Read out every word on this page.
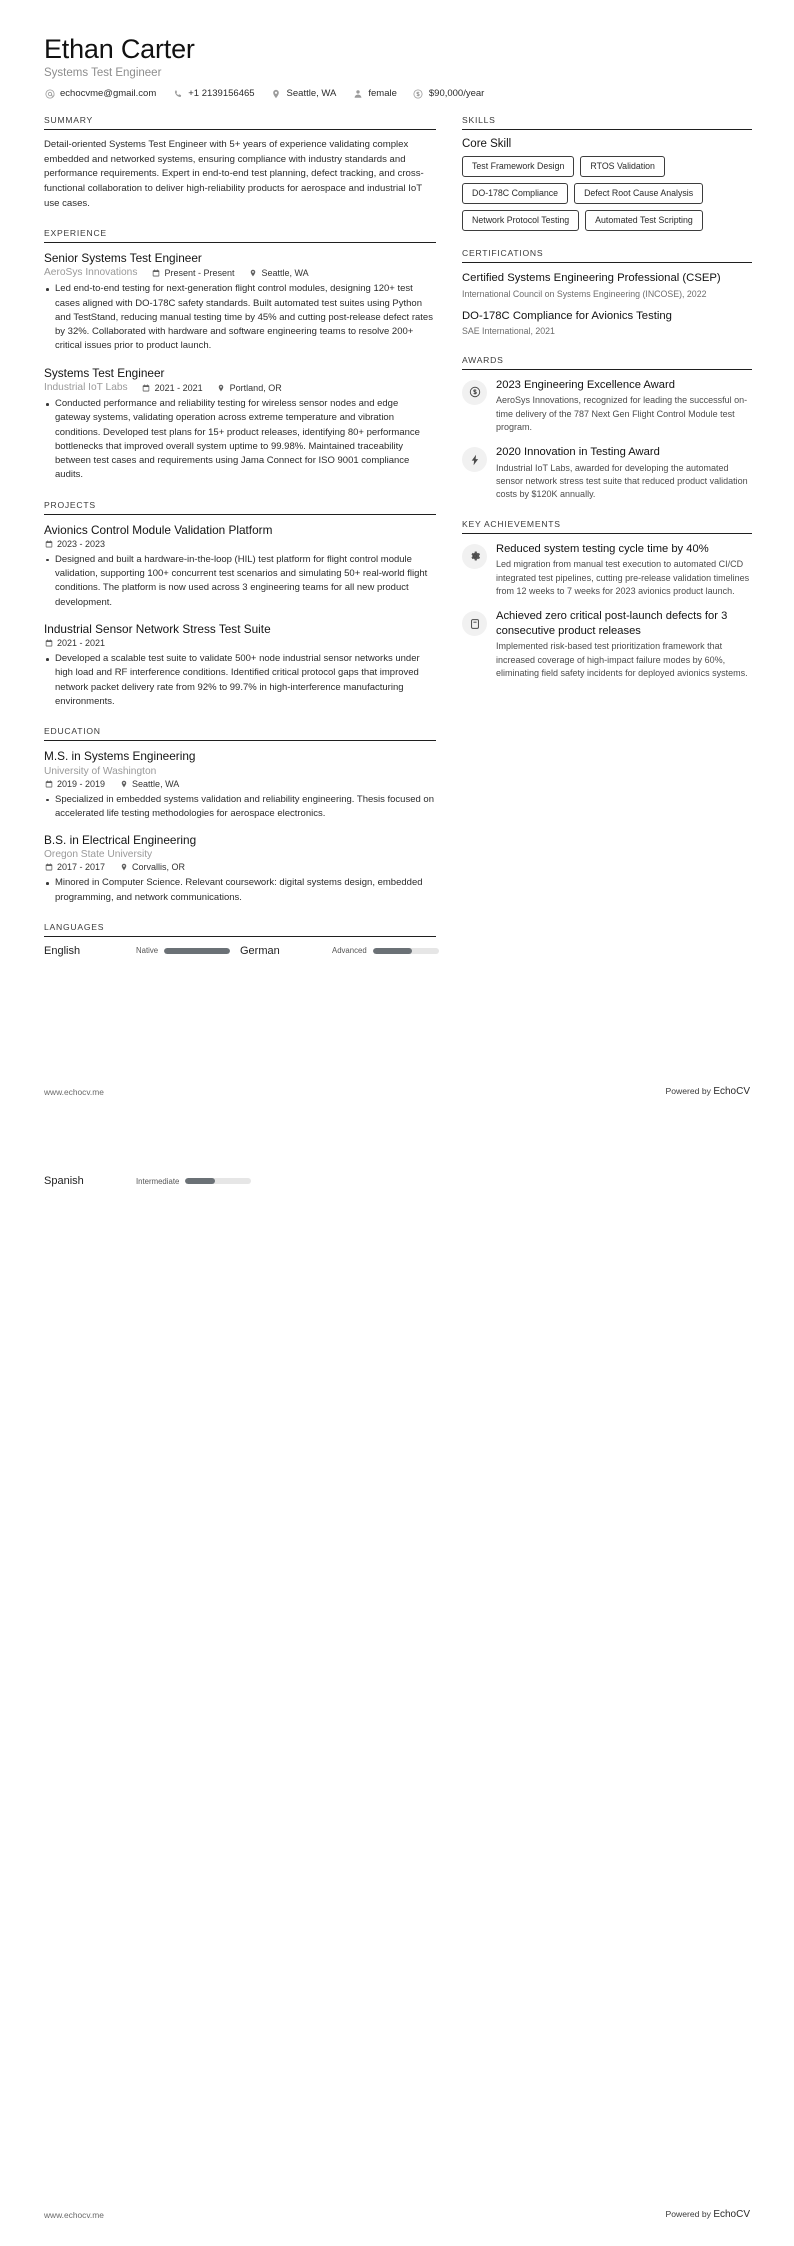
Ethan Carter
Systems Test Engineer
echocvme@gmail.com	+1 2139156465	Seattle, WA	female	$90,000/year
SUMMARY
Detail-oriented Systems Test Engineer with 5+ years of experience validating complex embedded and networked systems, ensuring compliance with industry standards and performance requirements. Expert in end-to-end test planning, defect tracking, and cross-functional collaboration to deliver high-reliability products for aerospace and industrial IoT use cases.
EXPERIENCE
Senior Systems Test Engineer
AeroSys Innovations	Present - Present	Seattle, WA
Led end-to-end testing for next-generation flight control modules, designing 120+ test cases aligned with DO-178C safety standards. Built automated test suites using Python and TestStand, reducing manual testing time by 45% and cutting post-release defect rates by 32%. Collaborated with hardware and software engineering teams to resolve 200+ critical issues prior to product launch.
Systems Test Engineer
Industrial IoT Labs	2021 - 2021	Portland, OR
Conducted performance and reliability testing for wireless sensor nodes and edge gateway systems, validating operation across extreme temperature and vibration conditions. Developed test plans for 15+ product releases, identifying 80+ performance bottlenecks that improved overall system uptime to 99.98%. Maintained traceability between test cases and requirements using Jama Connect for ISO 9001 compliance audits.
PROJECTS
Avionics Control Module Validation Platform
2023 - 2023
Designed and built a hardware-in-the-loop (HIL) test platform for flight control module validation, supporting 100+ concurrent test scenarios and simulating 50+ real-world flight conditions. The platform is now used across 3 engineering teams for all new product development.
Industrial Sensor Network Stress Test Suite
2021 - 2021
Developed a scalable test suite to validate 500+ node industrial sensor networks under high load and RF interference conditions. Identified critical protocol gaps that improved network packet delivery rate from 92% to 99.7% in high-interference manufacturing environments.
EDUCATION
M.S. in Systems Engineering
University of Washington
2019 - 2019	Seattle, WA
Specialized in embedded systems validation and reliability engineering. Thesis focused on accelerated life testing methodologies for aerospace electronics.
B.S. in Electrical Engineering
Oregon State University
2017 - 2017	Corvallis, OR
Minored in Computer Science. Relevant coursework: digital systems design, embedded programming, and network communications.
LANGUAGES
English	Native	German	Advanced
SKILLS
Core Skill
Test Framework Design	RTOS Validation
DO-178C Compliance	Defect Root Cause Analysis
Network Protocol Testing	Automated Test Scripting
CERTIFICATIONS
Certified Systems Engineering Professional (CSEP)
International Council on Systems Engineering (INCOSE), 2022
DO-178C Compliance for Avionics Testing
SAE International, 2021
AWARDS
2023 Engineering Excellence Award
AeroSys Innovations, recognized for leading the successful on-time delivery of the 787 Next Gen Flight Control Module test program.
2020 Innovation in Testing Award
Industrial IoT Labs, awarded for developing the automated sensor network stress test suite that reduced product validation costs by $120K annually.
KEY ACHIEVEMENTS
Reduced system testing cycle time by 40%
Led migration from manual test execution to automated CI/CD integrated test pipelines, cutting pre-release validation timelines from 12 weeks to 7 weeks for 2023 avionics product launch.
Achieved zero critical post-launch defects for 3 consecutive product releases
Implemented risk-based test prioritization framework that increased coverage of high-impact failure modes by 60%, eliminating field safety incidents for deployed avionics systems.
www.echocv.me	Powered by EchoCV
Spanish	Intermediate
www.echocv.me	Powered by EchoCV
